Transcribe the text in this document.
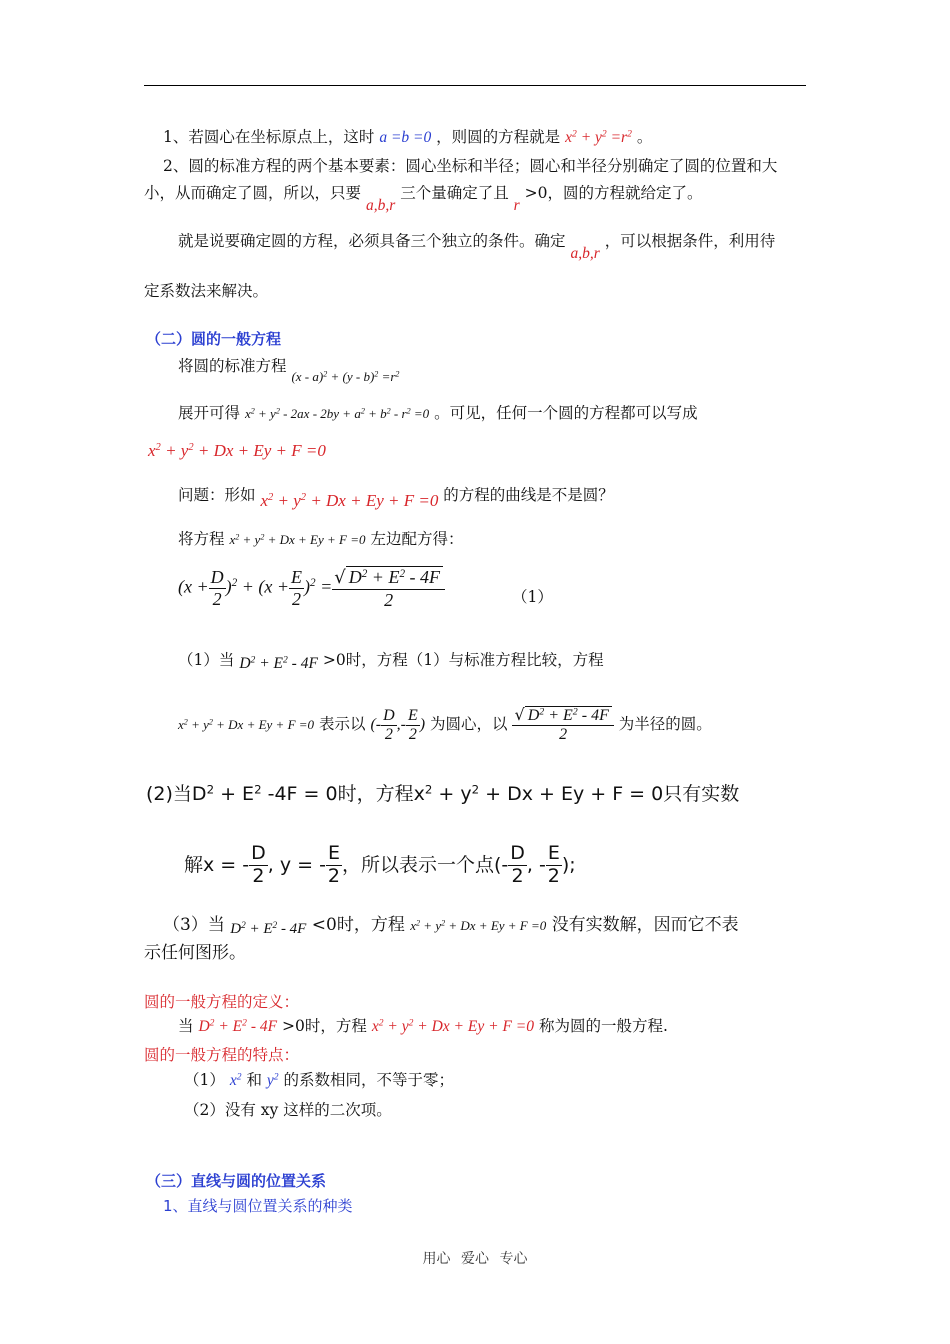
1、若圆心在坐标原点上，这时 a =b =0 ，则圆的方程就是 $x^2 + y^2 =r^2$ 。
2、圆的标准方程的两个基本要素：圆心坐标和半径；圆心和半径分别确定了圆的位置和大
小，从而确定了圆，所以，只要 a,b,r 三个量确定了且 r >0，圆的方程就给定了。
就是说要确定圆的方程，必须具备三个独立的条件。确定 a,b,r ，可以根据条件，利用待
定系数法来解决。
（二）圆的一般方程
将圆的标准方程 $_{(x - a)^2 + (y - b)^2 =r^2}$
展开可得 $x^2 + y^2 - 2ax - 2by + a^2 + b^2 - r^2 =0$ 。可见，任何一个圆的方程都可以写成
$x^2 + y^2 + Dx + Ey + F =0$
问题：形如 $x^2 + y^2 + Dx + Ey + F =0$ 的方程的曲线是不是圆？
将方程 $x^2 + y^2 + Dx + Ey + F =0$ 左边配方得：
$(x + \frac{D}{2} )^2 + (x + \frac{E}{2} )^2 = \frac{√ D^2 + E^2 - 4F}{2}$	（1）
（1）当 $D^2 + E^2 - 4F >0$时，方程（1）与标准方程比较，方程
$x^2 + y^2 + Dx + Ey + F =0$ 表示以 (- $\frac{D}{2}$ ,- $\frac{E}{2}$ ) 为圆心，以 $\frac{√ D^2 + E^2 - 4F}{2}$ 为半径的圆。
(2)当$D^2 + E^2$ -4F = 0时，方程$x^2 + y^2 + Dx + Ey + F = 0$只有实数
解x = - $\frac{D}{2}$ , y = - $\frac{E}{2}$ ，所以表示一个点(- $\frac{D}{2}$ , - $\frac{E}{2}$ );
（3）当 $D^2 + E^2 - 4F <0$时，方程 $x^2 + y^2 + Dx + Ey + F =0$ 没有实数解，因而它不表
示任何图形。
圆的一般方程的定义：
当 $D^2 + E^2 - 4F >0$时，方程 $x^2 + y^2 + Dx + Ey + F =0$ 称为圆的一般方程.
圆的一般方程的特点：
（1） $x^2$ 和 $y^2$ 的系数相同，不等于零；
（2）没有 xy 这样的二次项。
（三）直线与圆的位置关系
1、直线与圆位置关系的种类
用心 爱心 专心
